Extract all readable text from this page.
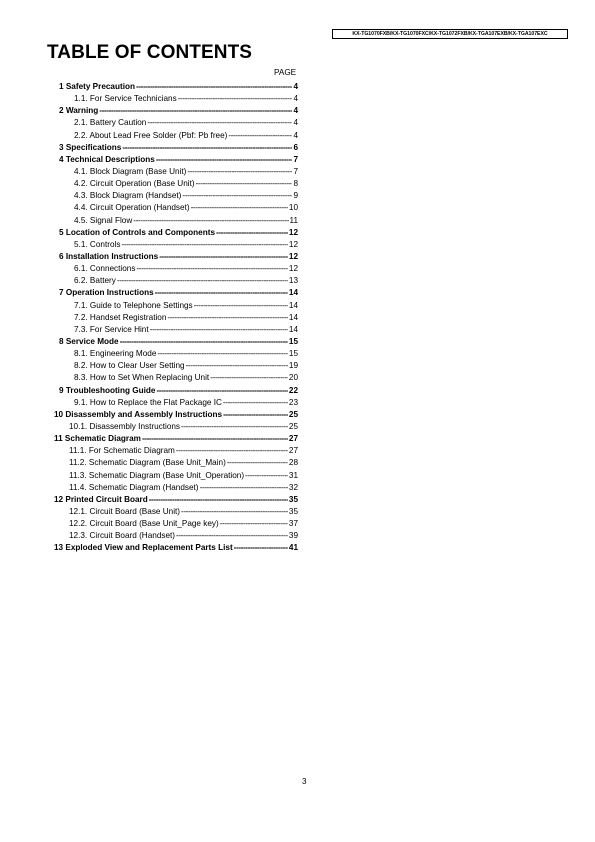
KX-TG1070FXB/KX-TG1070FXC/KX-TG1072FXB/KX-TGA107EXB/KX-TGA107EXC
TABLE OF CONTENTS
PAGE
1 Safety Precaution -----	4
1.1. For Service Technicians -----	4
2 Warning -----	4
2.1. Battery Caution -----	4
2.2. About Lead Free Solder (Pbf: Pb free) -----	4
3 Specifications -----	6
4 Technical Descriptions -----	7
4.1. Block Diagram (Base Unit) -----	7
4.2. Circuit Operation (Base Unit) -----	8
4.3. Block Diagram (Handset) -----	9
4.4. Circuit Operation (Handset) -----	10
4.5. Signal Flow -----	11
5 Location of Controls and Components -----	12
5.1. Controls -----	12
6 Installation Instructions -----	12
6.1. Connections -----	12
6.2. Battery -----	13
7 Operation Instructions -----	14
7.1. Guide to Telephone Settings -----	14
7.2. Handset Registration -----	14
7.3. For Service Hint -----	14
8 Service Mode -----	15
8.1. Engineering Mode -----	15
8.2. How to Clear User Setting -----	19
8.3. How to Set When Replacing Unit -----	20
9 Troubleshooting Guide -----	22
9.1. How to Replace the Flat Package IC -----	23
10 Disassembly and Assembly Instructions -----	25
10.1. Disassembly Instructions -----	25
11 Schematic Diagram -----	27
11.1. For Schematic Diagram -----	27
11.2. Schematic Diagram (Base Unit_Main) -----	28
11.3. Schematic Diagram (Base Unit_Operation) -----	31
11.4. Schematic Diagram (Handset) -----	32
12 Printed Circuit Board -----	35
12.1. Circuit Board (Base Unit) -----	35
12.2. Circuit Board (Base Unit_Page key) -----	37
12.3. Circuit Board (Handset) -----	39
13 Exploded View and Replacement Parts List -----	41
3
